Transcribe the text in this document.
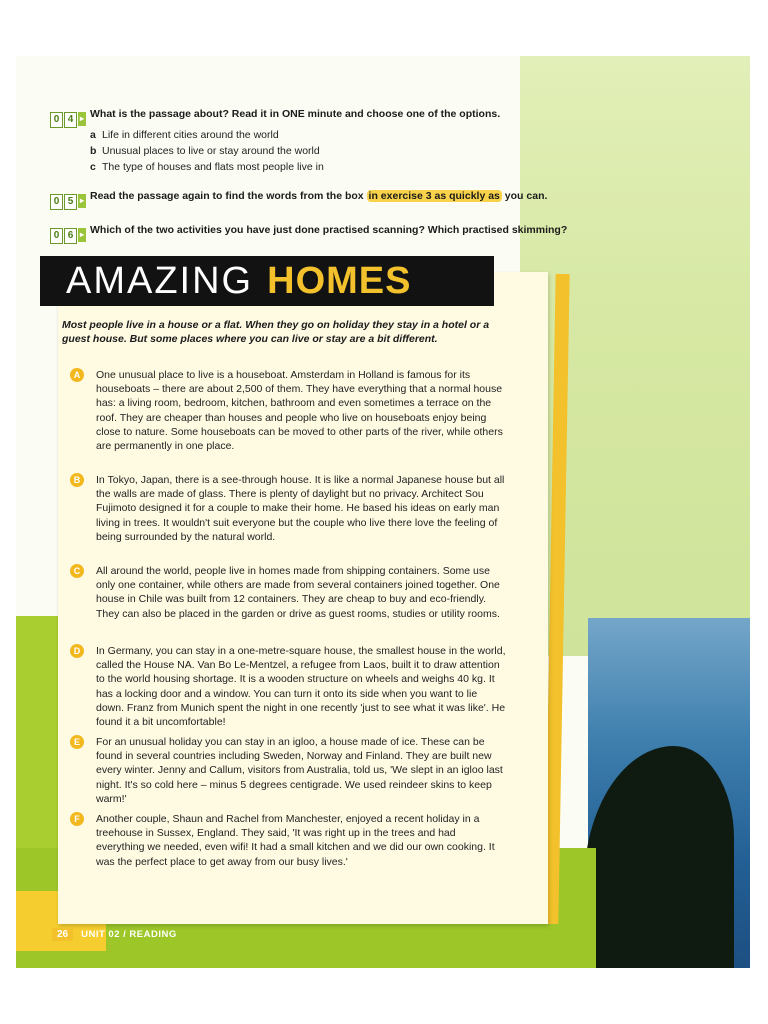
0 4 ▸ What is the passage about? Read it in ONE minute and choose one of the options.
a Life in different cities around the world
b Unusual places to live or stay around the world
c The type of houses and flats most people live in
0 5 ▸ Read the passage again to find the words from the box in exercise 3 as quickly as you can.
0 6 ▸ Which of the two activities you have just done practised scanning? Which practised skimming?
AMAZING HOMES
Most people live in a house or a flat. When they go on holiday they stay in a hotel or a guest house. But some places where you can live or stay are a bit different.
A	One unusual place to live is a houseboat. Amsterdam in Holland is famous for its houseboats – there are about 2,500 of them. They have everything that a normal house has: a living room, bedroom, kitchen, bathroom and even sometimes a terrace on the roof. They are cheaper than houses and people who live on houseboats enjoy being close to nature. Some houseboats can be moved to other parts of the river, while others are permanently in one place.
B	In Tokyo, Japan, there is a see-through house. It is like a normal Japanese house but all the walls are made of glass. There is plenty of daylight but no privacy. Architect Sou Fujimoto designed it for a couple to make their home. He based his ideas on early man living in trees. It wouldn't suit everyone but the couple who live there love the feeling of being surrounded by the natural world.
C	All around the world, people live in homes made from shipping containers. Some use only one container, while others are made from several containers joined together. One house in Chile was built from 12 containers. They are cheap to buy and eco-friendly. They can also be placed in the garden or drive as guest rooms, studies or utility rooms.
D	In Germany, you can stay in a one-metre-square house, the smallest house in the world, called the House NA. Van Bo Le-Mentzel, a refugee from Laos, built it to draw attention to the world housing shortage. It is a wooden structure on wheels and weighs 40 kg. It has a locking door and a window. You can turn it onto its side when you want to lie down. Franz from Munich spent the night in one recently 'just to see what it was like'. He found it a bit uncomfortable!
E	For an unusual holiday you can stay in an igloo, a house made of ice. These can be found in several countries including Sweden, Norway and Finland. They are built new every winter. Jenny and Callum, visitors from Australia, told us, 'We slept in an igloo last night. It's so cold here – minus 5 degrees centigrade. We used reindeer skins to keep warm!'
F	Another couple, Shaun and Rachel from Manchester, enjoyed a recent holiday in a treehouse in Sussex, England. They said, 'It was right up in the trees and had everything we needed, even wifi! It had a small kitchen and we did our own cooking. It was the perfect place to get away from our busy lives.'
26	UNIT 02 / READING
